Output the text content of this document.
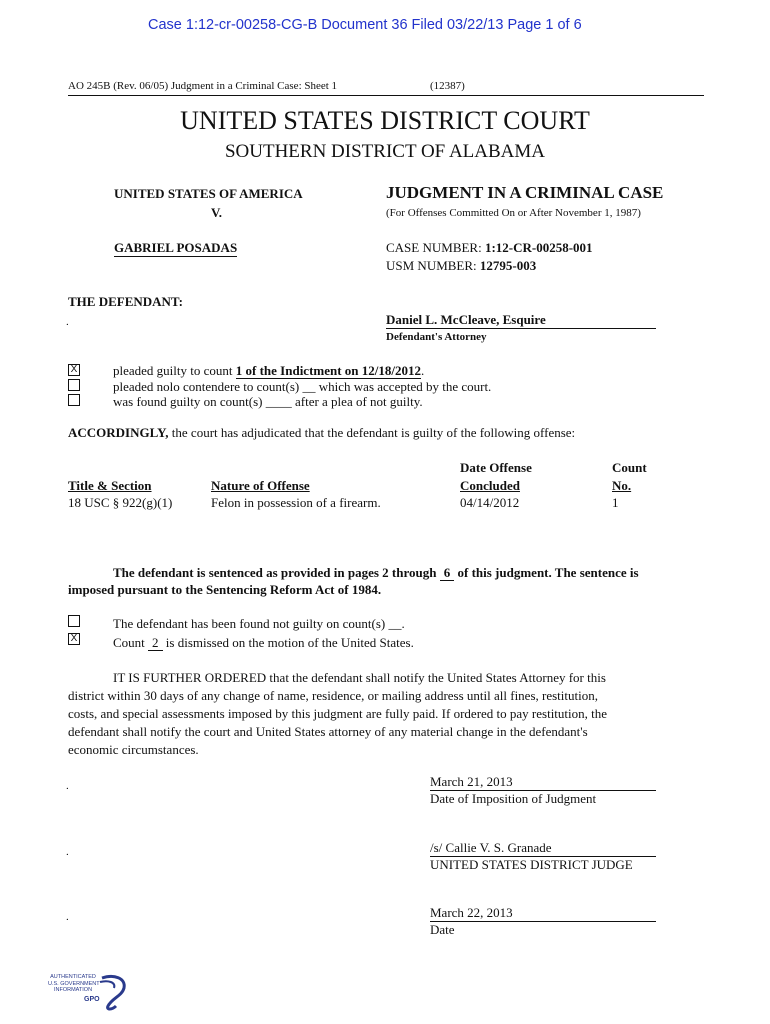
Case 1:12-cr-00258-CG-B Document 36 Filed 03/22/13 Page 1 of 6
AO 245B (Rev. 06/05) Judgment in a Criminal Case: Sheet 1	(12387)
UNITED STATES DISTRICT COURT
SOUTHERN DISTRICT OF ALABAMA
UNITED STATES OF AMERICA
V.
GABRIEL POSADAS
JUDGMENT IN A CRIMINAL CASE
(For Offenses Committed On or After November 1, 1987)
CASE NUMBER: 1:12-CR-00258-001
USM NUMBER: 12795-003
THE DEFENDANT:
.	Daniel L. McCleave, Esquire
Defendant's Attorney
X	pleaded guilty to count 1 of the Indictment on 12/18/2012.
pleaded nolo contendere to count(s) __ which was accepted by the court.
was found guilty on count(s) ____ after a plea of not guilty.
ACCORDINGLY, the court has adjudicated that the defendant is guilty of the following offense:
Date Offense	Count
Title & Section	Nature of Offense	Concluded	No.
18 USC § 922(g)(1)	Felon in possession of a firearm.	04/14/2012	1
The defendant is sentenced as provided in pages 2 through 6 of this judgment. The sentence is
imposed pursuant to the Sentencing Reform Act of 1984.
The defendant has been found not guilty on count(s) __.
X	Count 2 is dismissed on the motion of the United States.
IT IS FURTHER ORDERED that the defendant shall notify the United States Attorney for this
district within 30 days of any change of name, residence, or mailing address until all fines, restitution,
costs, and special assessments imposed by this judgment are fully paid. If ordered to pay restitution, the
defendant shall notify the court and United States attorney of any material change in the defendant's
economic circumstances.
.	March 21, 2013
Date of Imposition of Judgment
.	/s/ Callie V. S. Granade
UNITED STATES DISTRICT JUDGE
.	March 22, 2013
Date
AUTHENTICATED
U.S. GOVERNMENT
INFORMATION
GPO
